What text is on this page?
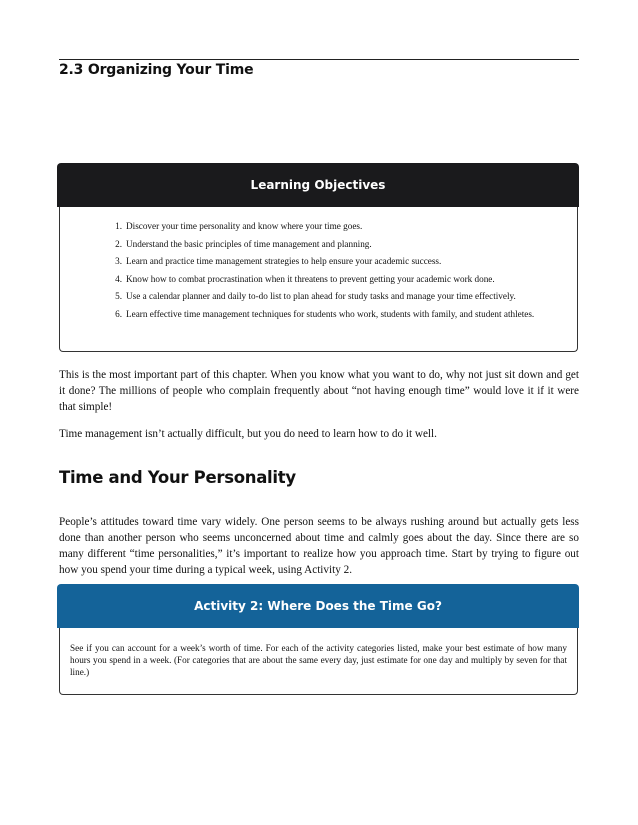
2.3 Organizing Your Time
Learning Objectives
1. Discover your time personality and know where your time goes.
2. Understand the basic principles of time management and planning.
3. Learn and practice time management strategies to help ensure your academic success.
4. Know how to combat procrastination when it threatens to prevent getting your academic work done.
5. Use a calendar planner and daily to-do list to plan ahead for study tasks and manage your time effectively.
6. Learn effective time management techniques for students who work, students with family, and student athletes.

This is the most important part of this chapter. When you know what you want to do, why not just sit down and get it done? The millions of people who complain frequently about “not having enough time” would love it if it were that simple!

Time management isn’t actually difficult, but you do need to learn how to do it well.

Time and Your Personality

People’s attitudes toward time vary widely. One person seems to be always rushing around but actually gets less done than another person who seems unconcerned about time and calmly goes about the day. Since there are so many different “time personalities,” it’s important to realize how you approach time. Start by trying to figure out how you spend your time during a typical week, using Activity 2.

Activity 2: Where Does the Time Go?

See if you can account for a week’s worth of time. For each of the activity categories listed, make your best estimate of how many hours you spend in a week. (For categories that are about the same every day, just estimate for one day and multiply by seven for that line.)
